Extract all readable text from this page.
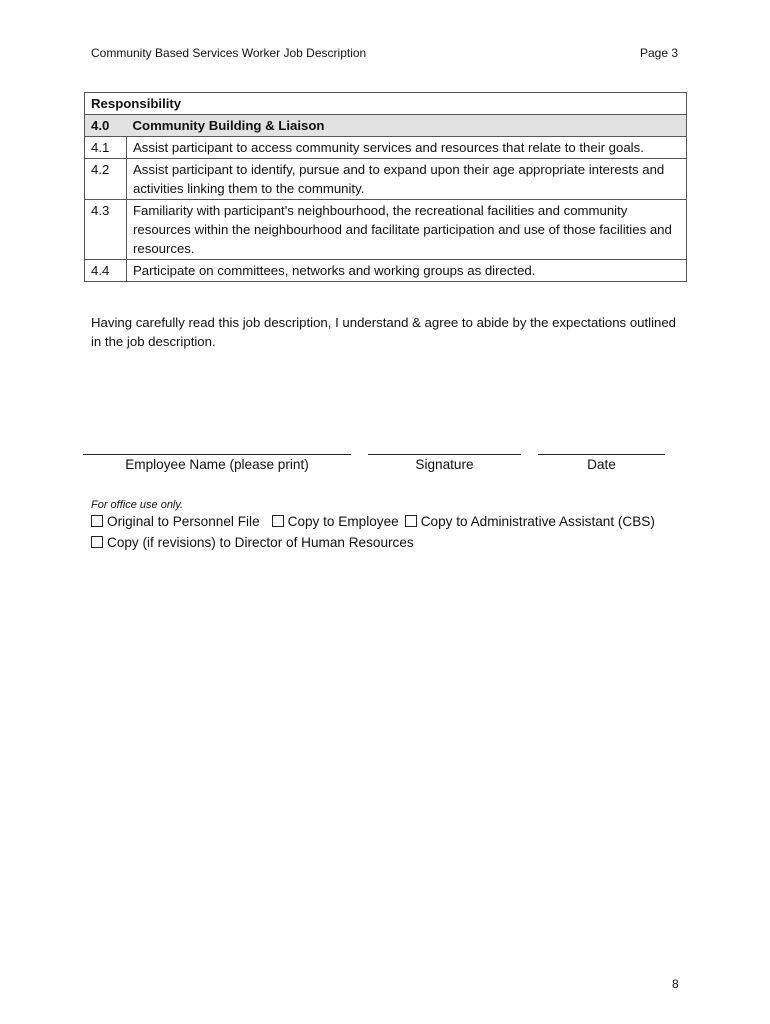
Community Based Services Worker Job Description	Page 3
Responsibility	
4.0	Community Building & Liaison
4.1	Assist participant to access community services and resources that relate to their goals.
4.2	Assist participant to identify, pursue and to expand upon their age appropriate interests and activities linking them to the community.
4.3	Familiarity with participant's neighbourhood, the recreational facilities and community resources within the neighbourhood and facilitate participation and use of those facilities and resources.
4.4	Participate on committees, networks and working groups as directed.
Having carefully read this job description, I understand & agree to abide by the expectations outlined in the job description.
Employee Name (please print)	Signature	Date
For office use only.
Original to Personnel File Copy to Employee Copy to Administrative Assistant (CBS)
Copy (if revisions) to Director of Human Resources
8
